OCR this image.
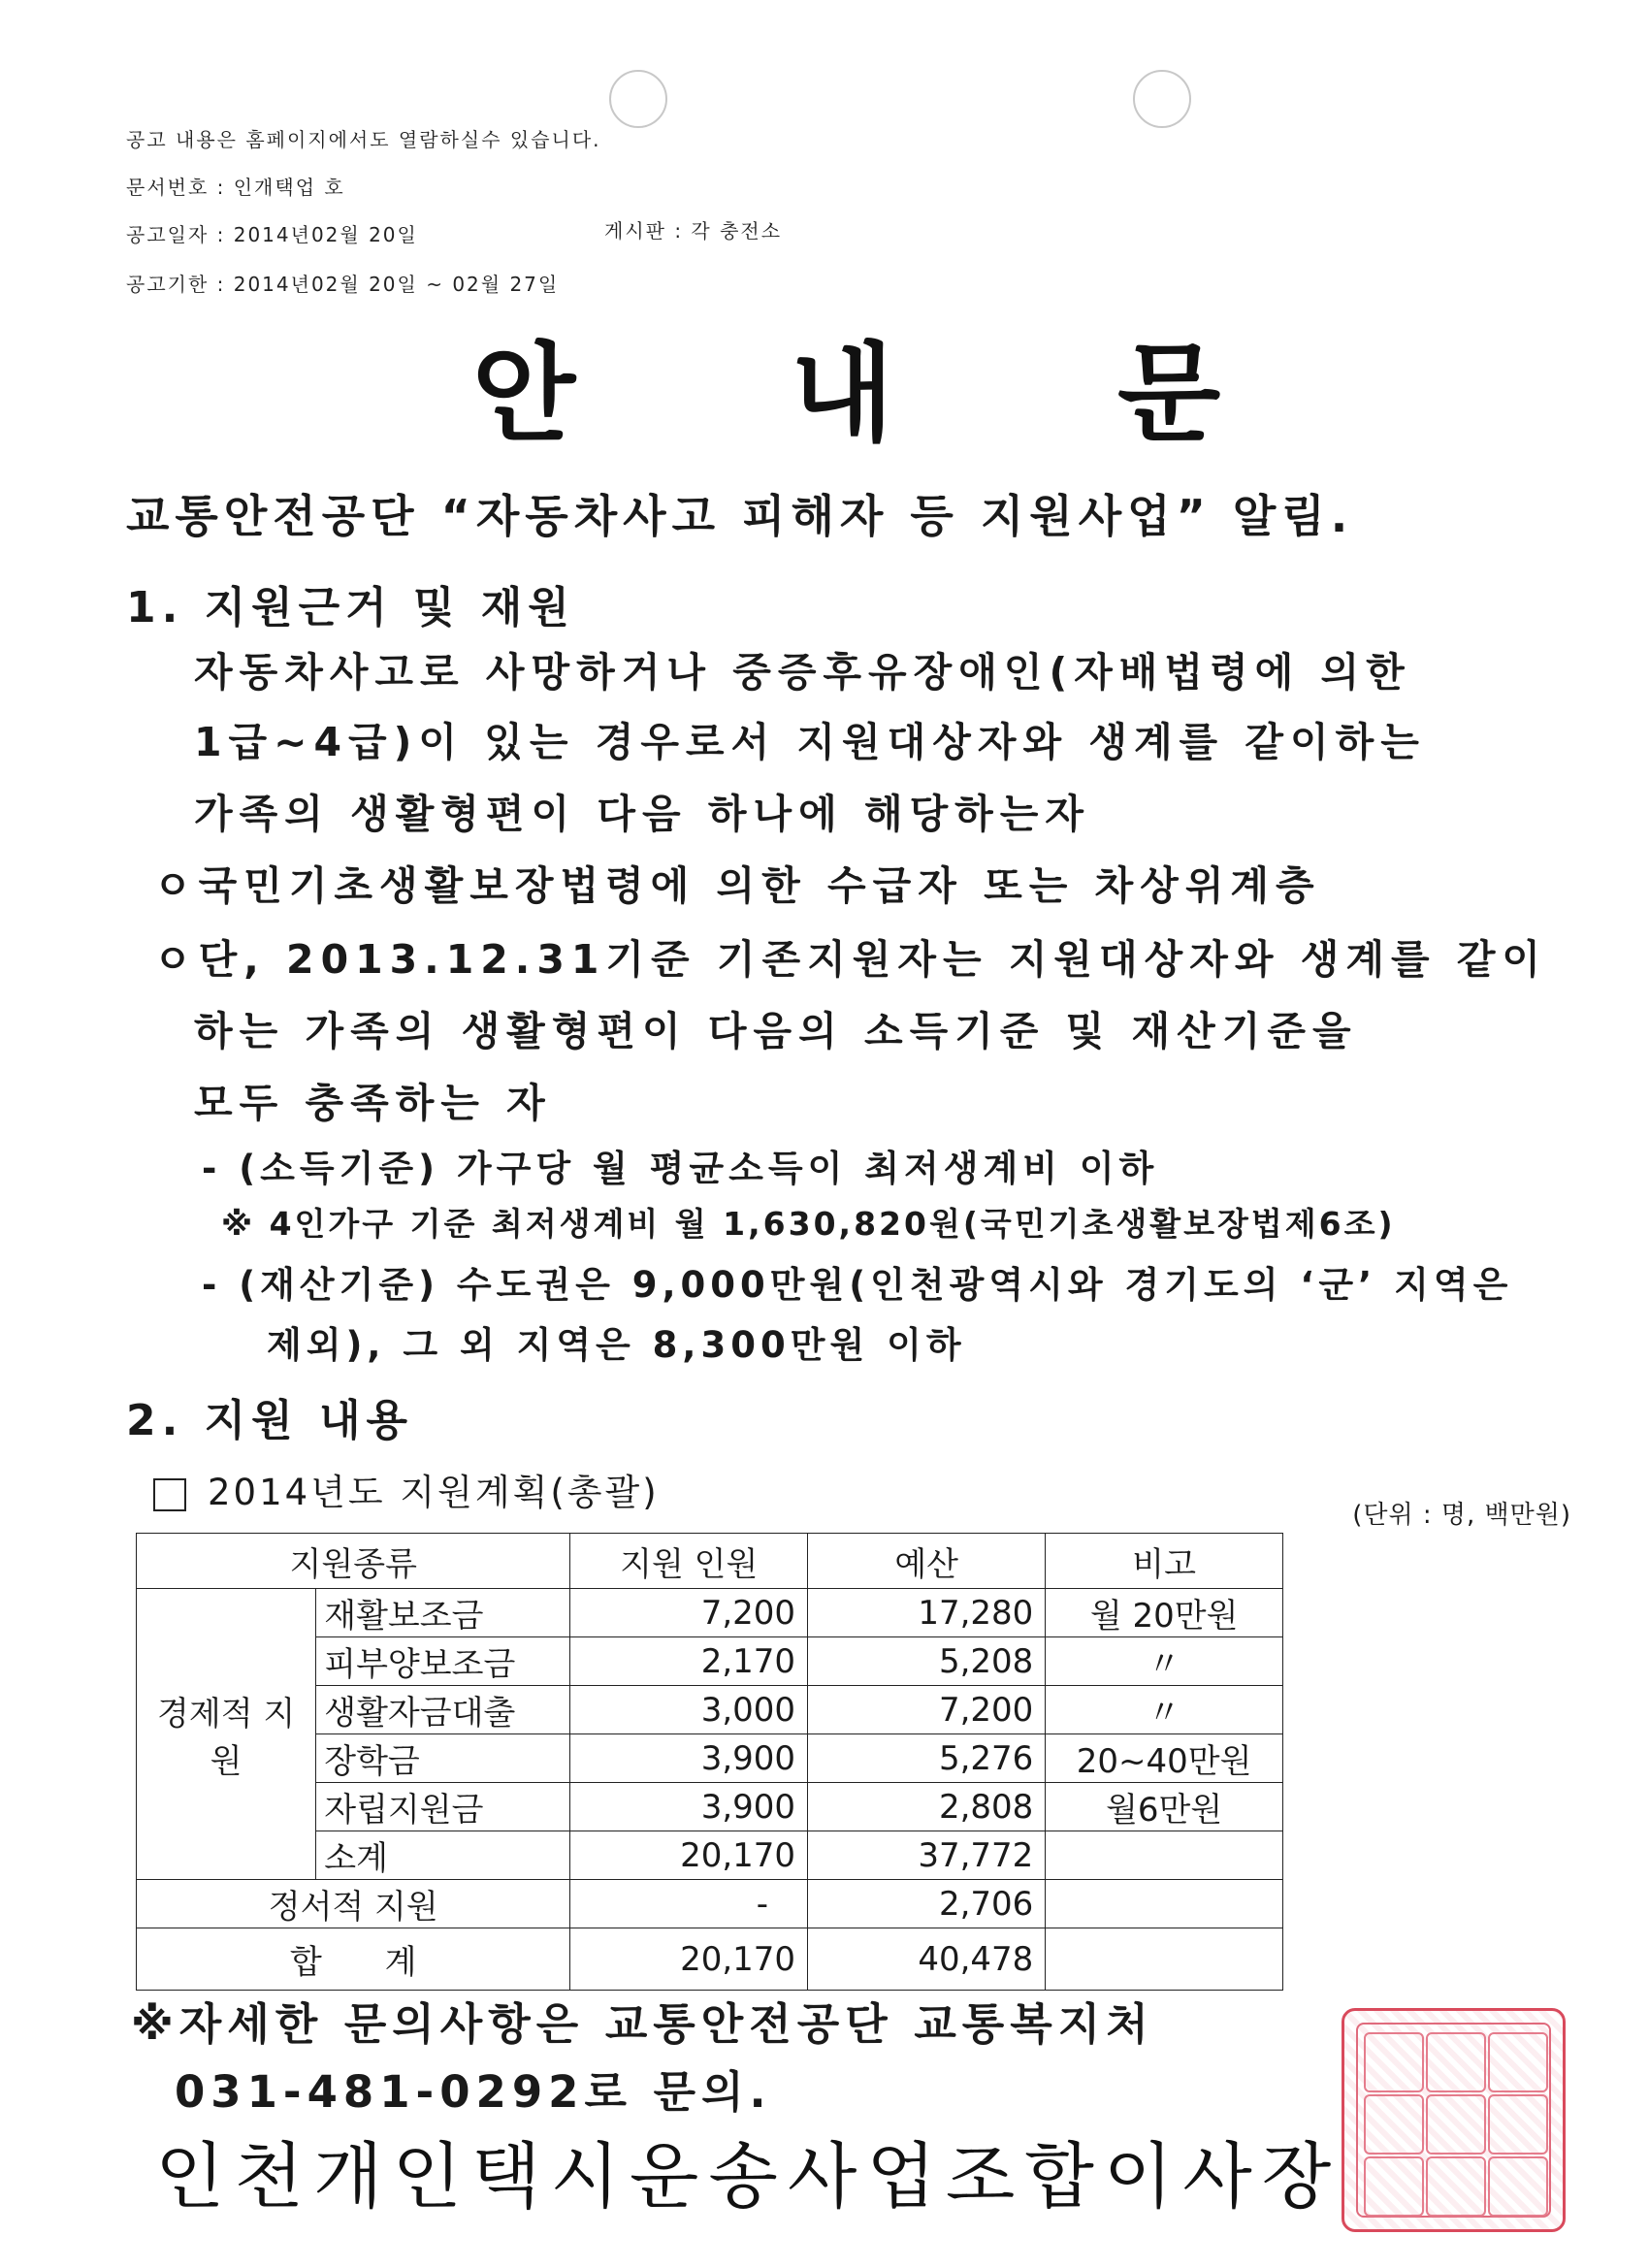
공고 내용은 홈페이지에서도 열람하실수 있습니다.
문서번호 : 인개택업 호
공고일자 : 2014년02월 20일	게시판 : 각 충전소
공고기한 : 2014년02월 20일 ~ 02월 27일
안 내 문
교통안전공단 “자동차사고 피해자 등 지원사업” 알림.
1. 지원근거 및 재원
자동차사고로 사망하거나 중증후유장애인(자배법령에 의한
1급~4급)이 있는 경우로서 지원대상자와 생계를 같이하는
가족의 생활형편이 다음 하나에 해당하는자
ㅇ국민기초생활보장법령에 의한 수급자 또는 차상위계층
ㅇ단, 2013.12.31기준 기존지원자는 지원대상자와 생계를 같이
하는 가족의 생활형편이 다음의 소득기준 및 재산기준을
모두 충족하는 자
- (소득기준) 가구당 월 평균소득이 최저생계비 이하
※ 4인가구 기준 최저생계비 월 1,630,820원(국민기초생활보장법제6조)
- (재산기준) 수도권은 9,000만원(인천광역시와 경기도의 ‘군’ 지역은
제외), 그 외 지역은 8,300만원 이하
2. 지원 내용
2014년도 지원계획(총괄)
(단위 : 명, 백만원)
지원종류		지원 인원	예산	비고
경제적 지원	재활보조금	7,200	17,280	월 20만원
	피부양보조금	2,170	5,208	〃
	생활자금대출	3,000	7,200	〃
	장학금	3,900	5,276	20~40만원
	자립지원금	3,900	2,808	월6만원
	소계	20,170	37,772	
정서적 지원		-	2,706	
합      계		20,170	40,478	
※자세한 문의사항은 교통안전공단 교통복지처
031-481-0292로 문의.
인천개인택시운송사업조합이사장
